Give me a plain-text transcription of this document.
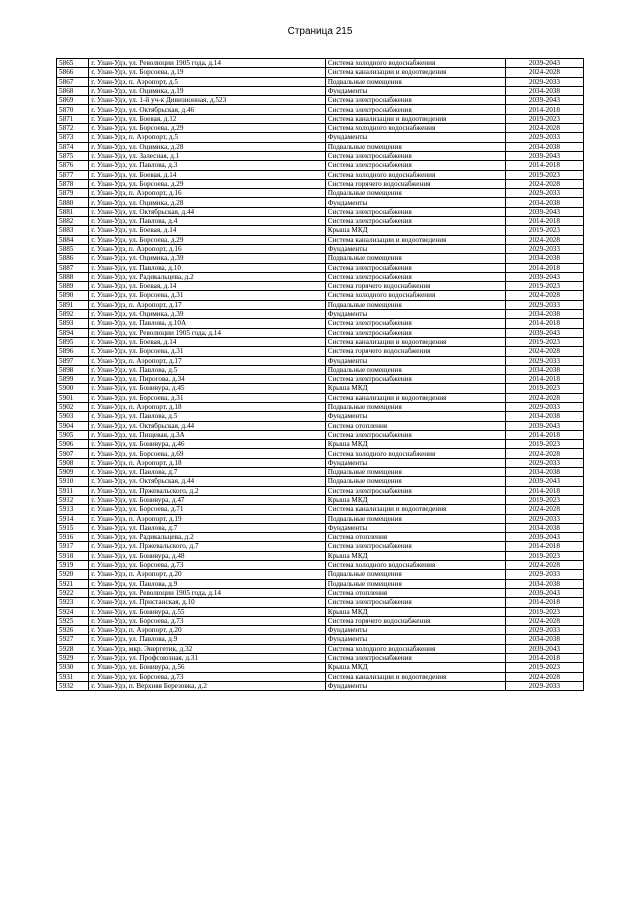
Страница 215
5865	г. Улан-Удэ, ул. Революции 1905 года, д.14	Система холодного водоснабжения	2039-2043
5866	г. Улан-Удэ, ул. Борсоева, д.19	Система канализации и водоотведения	2024-2028
5867	г. Улан-Удэ, п. Аэропорт, д.5	Подвальные помещения	2029-2033
5868	г. Улан-Удэ, ул. Оцимика, д.19	Фундаменты	2034-2038
5869	г. Улан-Удэ, ул. 1-й уч-к Дивизионная, д.523	Система электроснабжения	2039-2043
5870	г. Улан-Удэ, ул. Октябрьская, д.46	Система электроснабжения	2014-2018
5871	г. Улан-Удэ, ул. Боевая, д.12	Система канализации и водоотведения	2019-2023
5872	г. Улан-Удэ, ул. Борсоева, д.29	Система холодного водоснабжения	2024-2028
5873	г. Улан-Удэ, п. Аэропорт, д.5	Фундаменты	2029-2033
5874	г. Улан-Удэ, ул. Оцимика, д.28	Подвальные помещения	2034-2038
5875	г. Улан-Удэ, ул. Залесная, д.1	Система электроснабжения	2039-2043
5876	г. Улан-Удэ, ул. Павлова, д.3	Система электроснабжения	2014-2018
5877	г. Улан-Удэ, ул. Боевая, д.14	Система холодного водоснабжения	2019-2023
5878	г. Улан-Удэ, ул. Борсоева, д.29	Система горячего водоснабжения	2024-2028
5879	г. Улан-Удэ, п. Аэропорт, д.16	Подвальные помещения	2029-2033
5880	г. Улан-Удэ, ул. Оцимика, д.28	Фундаменты	2034-2038
5881	г. Улан-Удэ, ул. Октябрьская, д.44	Система электроснабжения	2039-2043
5882	г. Улан-Удэ, ул. Павлова, д.4	Система электроснабжения	2014-2018
5883	г. Улан-Удэ, ул. Боевая, д.14	Крыша МКД	2019-2023
5884	г. Улан-Удэ, ул. Борсоева, д.29	Система канализации и водоотведения	2024-2028
5885	г. Улан-Удэ, п. Аэропорт, д.16	Фундаменты	2029-2033
5886	г. Улан-Удэ, ул. Оцимика, д.39	Подвальные помещения	2034-2038
5887	г. Улан-Удэ, ул. Павлова, д.10	Система электроснабжения	2014-2018
5888	г. Улан-Удэ, ул. Радикальцева, д.2	Система электроснабжения	2039-2043
5889	г. Улан-Удэ, ул. Боевая, д.14	Система горячего водоснабжения	2019-2023
5890	г. Улан-Удэ, ул. Борсоева, д.31	Система холодного водоснабжения	2024-2028
5891	г. Улан-Удэ, п. Аэропорт, д.17	Подвальные помещения	2029-2033
5892	г. Улан-Удэ, ул. Оцимика, д.39	Фундаменты	2034-2038
5893	г. Улан-Удэ, ул. Павлова, д.10А	Система электроснабжения	2014-2018
5894	г. Улан-Удэ, ул. Революции 1905 года, д.14	Система электроснабжения	2039-2043
5895	г. Улан-Удэ, ул. Боевая, д.14	Система канализации и водоотведения	2019-2023
5896	г. Улан-Удэ, ул. Борсоева, д.31	Система горячего водоснабжения	2024-2028
5897	г. Улан-Удэ, п. Аэропорт, д.17	Фундаменты	2029-2033
5898	г. Улан-Удэ, ул. Павлова, д.5	Подвальные помещения	2034-2038
5899	г. Улан-Удэ, ул. Пирогова, д.34	Система электроснабжения	2014-2018
5900	г. Улан-Удэ, ул. Бонивура, д.45	Крыша МКД	2019-2023
5901	г. Улан-Удэ, ул. Борсоева, д.31	Система канализации и водоотведения	2024-2028
5902	г. Улан-Удэ, п. Аэропорт, д.18	Подвальные помещения	2029-2033
5903	г. Улан-Удэ, ул. Павлова, д.5	Фундаменты	2034-2038
5904	г. Улан-Удэ, ул. Октябрьская, д.44	Система отопления	2039-2043
5905	г. Улан-Удэ, ул. Пищевая, д.3А	Система электроснабжения	2014-2018
5906	г. Улан-Удэ, ул. Бонивура, д.46	Крыша МКД	2019-2023
5907	г. Улан-Удэ, ул. Борсоева, д.69	Система холодного водоснабжения	2024-2028
5908	г. Улан-Удэ, п. Аэропорт, д.18	Фундаменты	2029-2033
5909	г. Улан-Удэ, ул. Павлова, д.7	Подвальные помещения	2034-2038
5910	г. Улан-Удэ, ул. Октябрьская, д.44	Подвальные помещения	2039-2043
5911	г. Улан-Удэ, ул. Пржевальского, д.2	Система электроснабжения	2014-2018
5912	г. Улан-Удэ, ул. Бонивура, д.47	Крыша МКД	2019-2023
5913	г. Улан-Удэ, ул. Борсоева, д.71	Система канализации и водоотведения	2024-2028
5914	г. Улан-Удэ, п. Аэропорт, д.19	Подвальные помещения	2029-2033
5915	г. Улан-Удэ, ул. Павлова, д.7	Фундаменты	2034-2038
5916	г. Улан-Удэ, ул. Радикальцева, д.2	Система отопления	2039-2043
5917	г. Улан-Удэ, ул. Пржевальского, д.7	Система электроснабжения	2014-2018
5918	г. Улан-Удэ, ул. Бонивура, д.48	Крыша МКД	2019-2023
5919	г. Улан-Удэ, ул. Борсоева, д.73	Система холодного водоснабжения	2024-2028
5920	г. Улан-Удэ, п. Аэропорт, д.20	Подвальные помещения	2029-2033
5921	г. Улан-Удэ, ул. Павлова, д.9	Подвальные помещения	2034-2038
5922	г. Улан-Удэ, ул. Революции 1905 года, д.14	Система отопления	2039-2043
5923	г. Улан-Удэ, ул. Пристанская, д.10	Система электроснабжения	2014-2018
5924	г. Улан-Удэ, ул. Бонивура, д.55	Крыша МКД	2019-2023
5925	г. Улан-Удэ, ул. Борсоева, д.73	Система горячего водоснабжения	2024-2028
5926	г. Улан-Удэ, п. Аэропорт, д.20	Фундаменты	2029-2033
5927	г. Улан-Удэ, ул. Павлова, д.9	Фундаменты	2034-2038
5928	г. Улан-Удэ, мкр. Энергетик, д.32	Система холодного водоснабжения	2039-2043
5929	г. Улан-Удэ, ул. Профсоюзная, д.31	Система электроснабжения	2014-2018
5930	г. Улан-Удэ, ул. Бонивура, д.56	Крыша МКД	2019-2023
5931	г. Улан-Удэ, ул. Борсоева, д.73	Система канализации и водоотведения	2024-2028
5932	г. Улан-Удэ, п. Верхняя Березовка, д.2	Фундаменты	2029-2033
